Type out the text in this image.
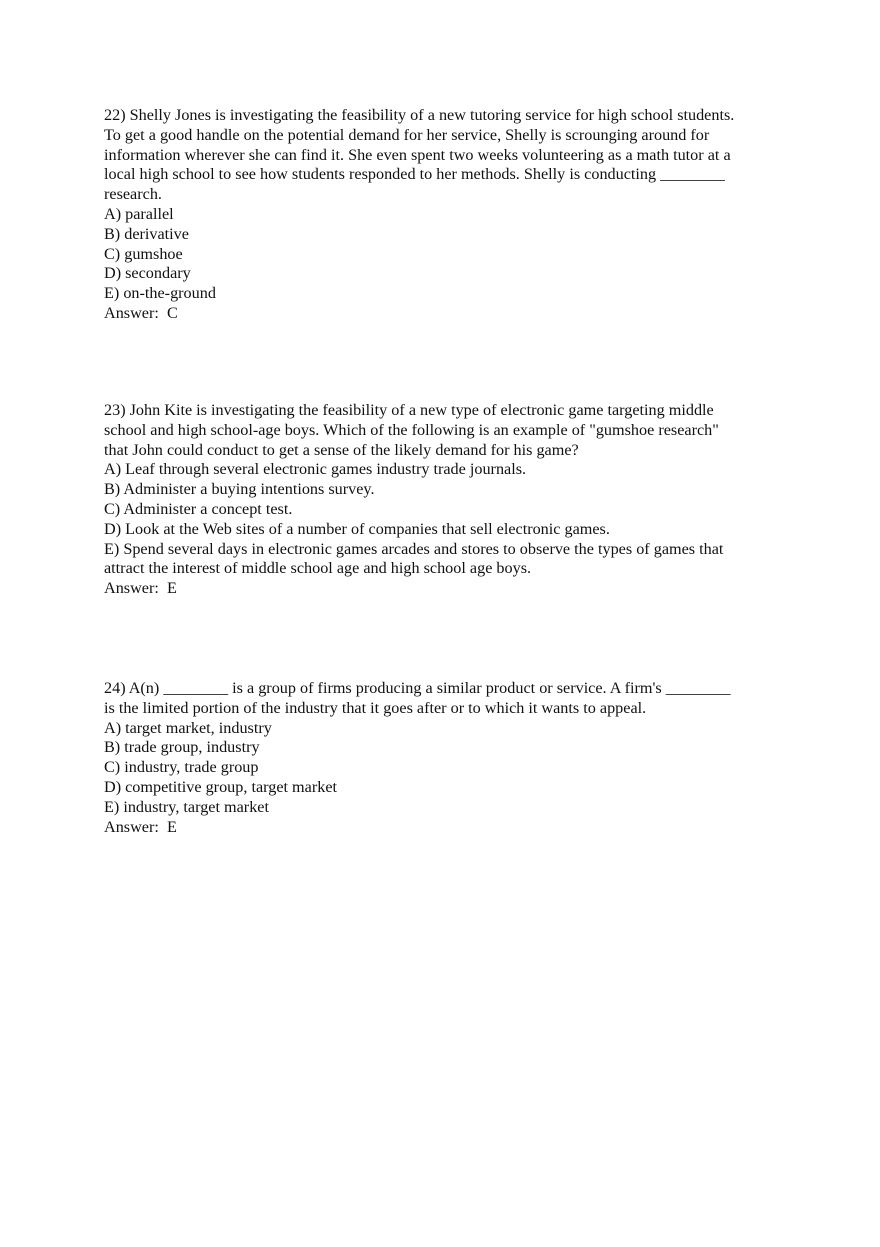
22) Shelly Jones is investigating the feasibility of a new tutoring service for high school students.
To get a good handle on the potential demand for her service, Shelly is scrounging around for
information wherever she can find it. She even spent two weeks volunteering as a math tutor at a
local high school to see how students responded to her methods. Shelly is conducting ________
research.

A) parallel
B) derivative
C) gumshoe
D) secondary
E) on-the-ground

Answer:  C

23) John Kite is investigating the feasibility of a new type of electronic game targeting middle
school and high school-age boys. Which of the following is an example of "gumshoe research"
that John could conduct to get a sense of the likely demand for his game?

A) Leaf through several electronic games industry trade journals.
B) Administer a buying intentions survey.
C) Administer a concept test.
D) Look at the Web sites of a number of companies that sell electronic games.
E) Spend several days in electronic games arcades and stores to observe the types of games that
attract the interest of middle school age and high school age boys.

Answer:  E

24) A(n) ________ is a group of firms producing a similar product or service. A firm's ________
is the limited portion of the industry that it goes after or to which it wants to appeal.

A) target market, industry
B) trade group, industry
C) industry, trade group
D) competitive group, target market
E) industry, target market

Answer:  E
